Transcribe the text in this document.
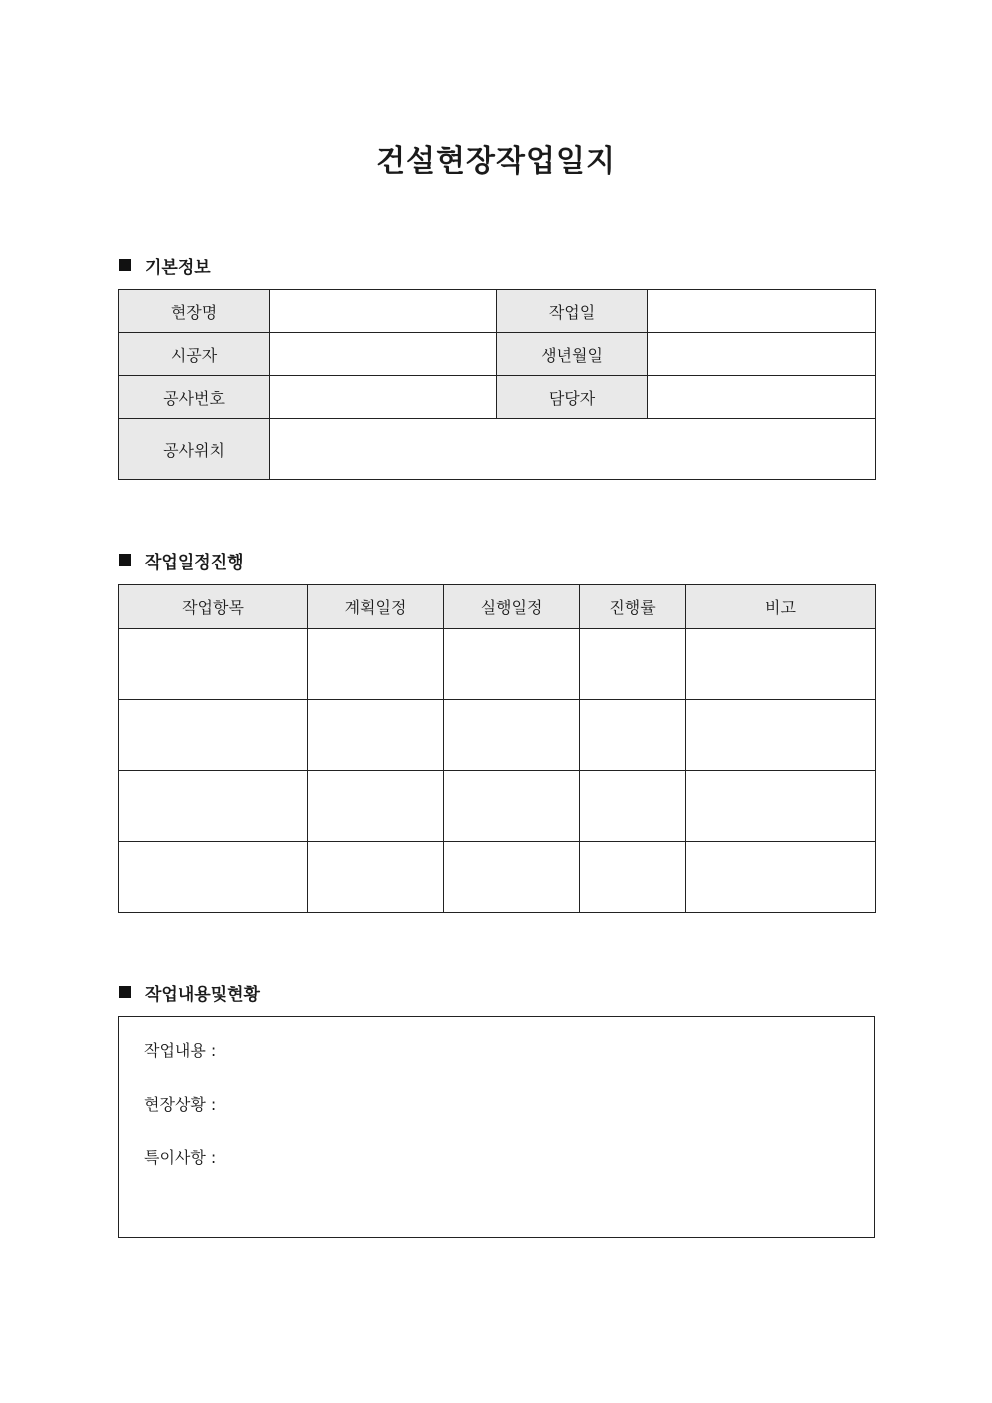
건설현장작업일지
기본정보
현장명		작업일	
시공자		생년월일	
공사번호		담당자	
공사위치			
작업일정진행
작업항목	계획일정	실행일정	진행률	비고

작업내용및현황
작업내용 :
현장상황 :
특이사항 :
